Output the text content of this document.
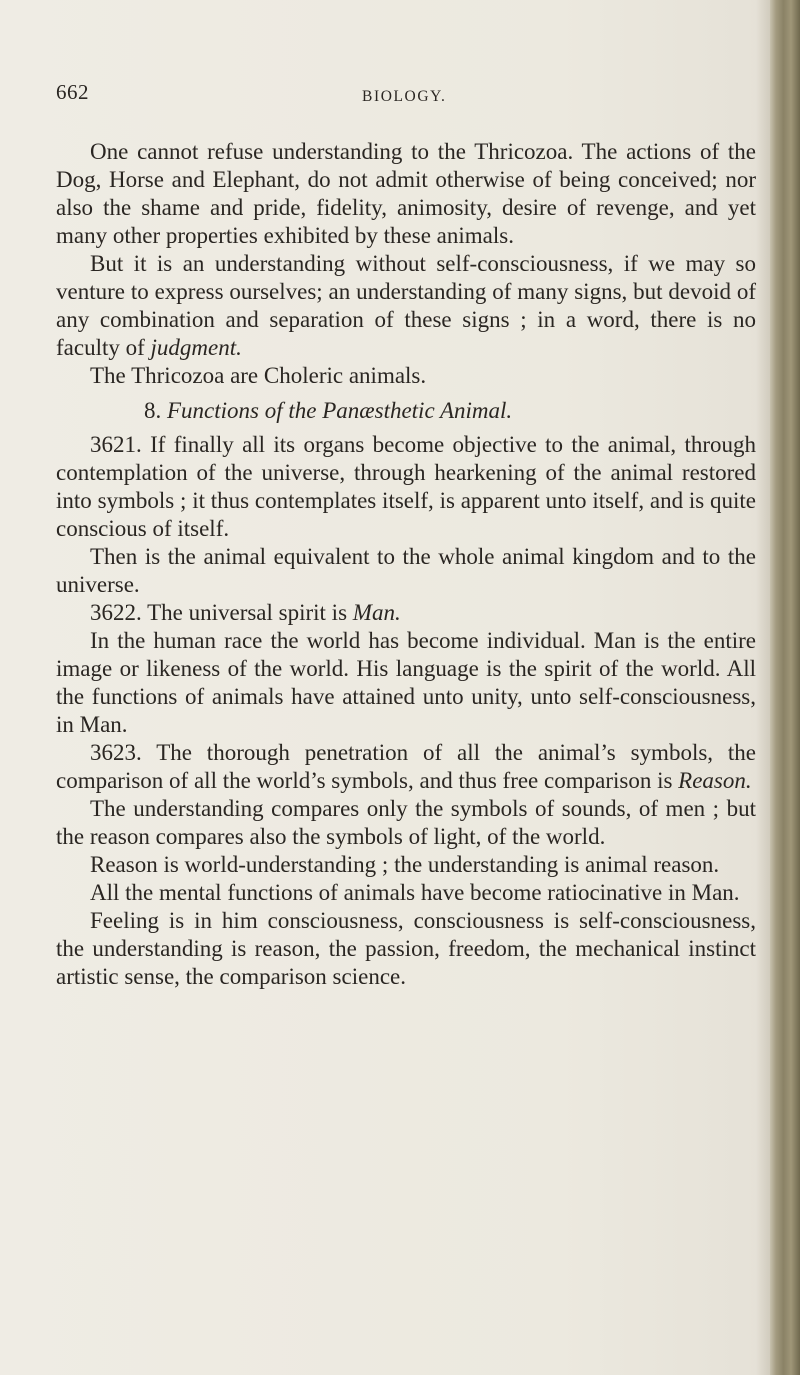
662	BIOLOGY.

One cannot refuse understanding to the Thricozoa. The actions of the Dog, Horse and Elephant, do not admit otherwise of being conceived; nor also the shame and pride, fidelity, animosity, desire of revenge, and yet many other properties exhibited by these animals.

But it is an understanding without self-consciousness, if we may so venture to express ourselves; an understanding of many signs, but devoid of any combination and separation of these signs ; in a word, there is no faculty of judgment.

The Thricozoa are Choleric animals.

8. Functions of the Panæsthetic Animal.

3621. If finally all its organs become objective to the animal, through contemplation of the universe, through hearkening of the animal restored into symbols ; it thus contemplates itself, is apparent unto itself, and is quite conscious of itself.

Then is the animal equivalent to the whole animal kingdom and to the universe.

3622. The universal spirit is Man.

In the human race the world has become individual. Man is the entire image or likeness of the world. His language is the spirit of the world. All the functions of animals have attained unto unity, unto self-consciousness, in Man.

3623. The thorough penetration of all the animal’s symbols, the comparison of all the world’s symbols, and thus free comparison is Reason.

The understanding compares only the symbols of sounds, of men ; but the reason compares also the symbols of light, of the world.

Reason is world-understanding ; the understanding is animal reason.

All the mental functions of animals have become ratiocinative in Man.

Feeling is in him consciousness, consciousness is self-consciousness, the understanding is reason, the passion, freedom, the mechanical instinct artistic sense, the comparison science.
